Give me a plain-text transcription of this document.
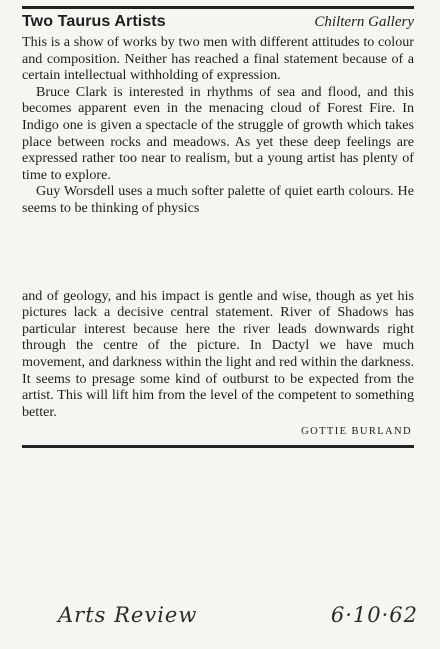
Two Taurus Artists	Chiltern Gallery

This is a show of works by two men with different attitudes to colour and composition. Neither has reached a final statement because of a certain intellectual withholding of expression.

Bruce Clark is interested in rhythms of sea and flood, and this becomes apparent even in the menacing cloud of Forest Fire. In Indigo one is given a spectacle of the struggle of growth which takes place between rocks and meadows. As yet these deep feelings are expressed rather too near to realism, but a young artist has plenty of time to explore.

Guy Worsdell uses a much softer palette of quiet earth colours. He seems to be thinking of physics

and of geology, and his impact is gentle and wise, though as yet his pictures lack a decisive central statement. River of Shadows has particular interest because here the river leads downwards right through the centre of the picture. In Dactyl we have much movement, and darkness within the light and red within the darkness. It seems to presage some kind of outburst to be expected from the artist. This will lift him from the level of the competent to something better.

GOTTIE BURLAND
Arts Review	6·10·62
